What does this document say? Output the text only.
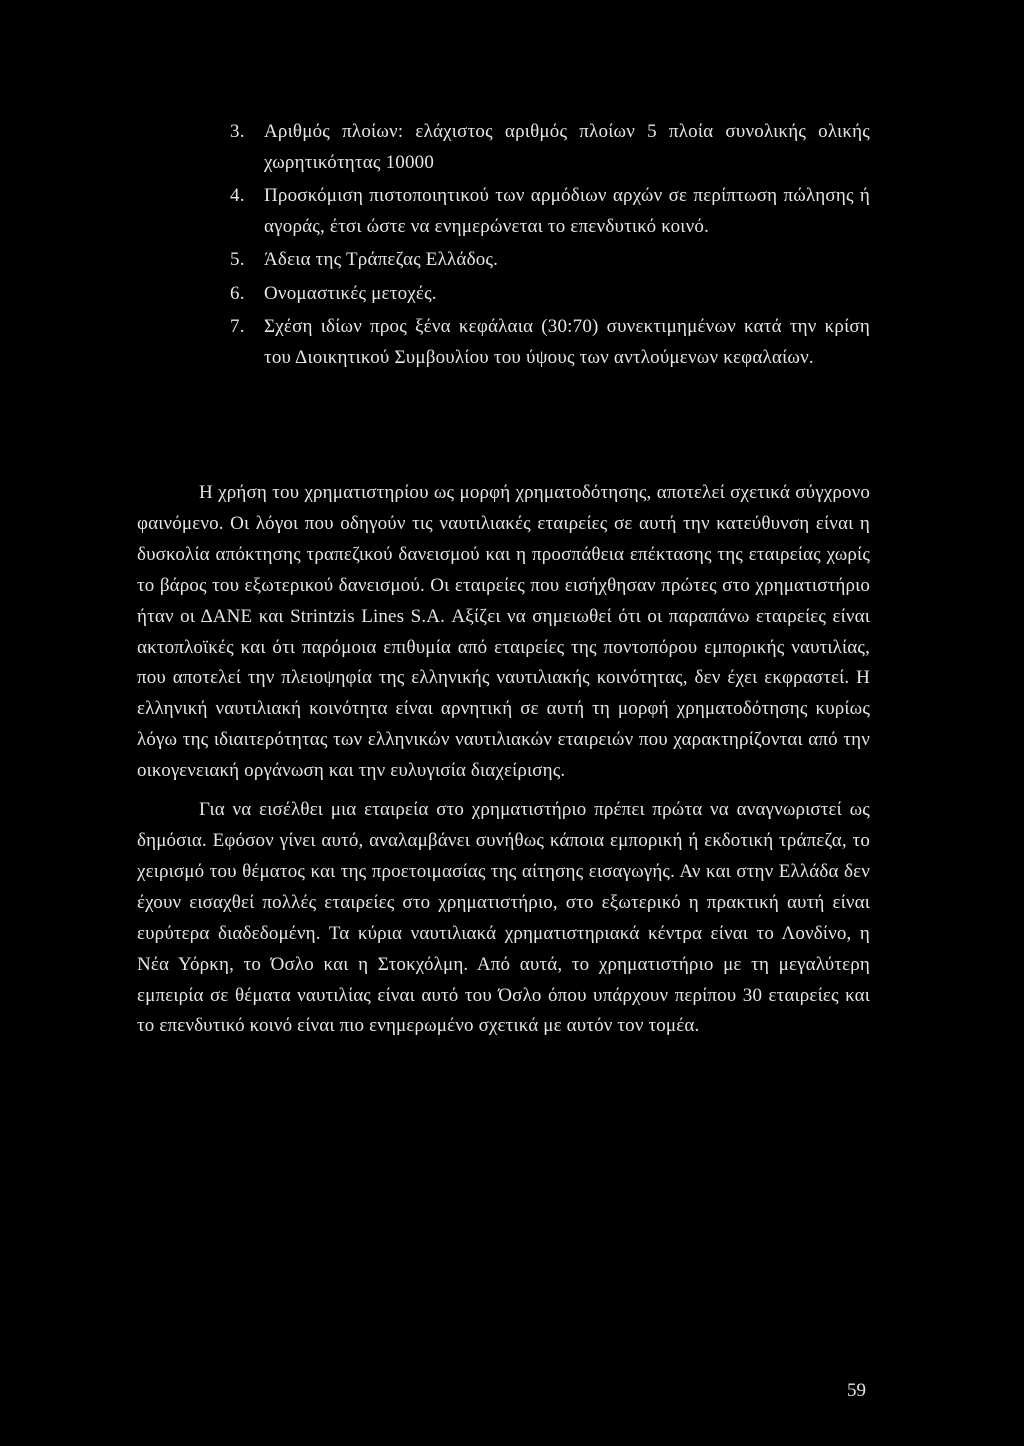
3. Αριθμός πλοίων: ελάχιστος αριθμός πλοίων 5 πλοία συνολικής ολικής χωρητικότητας 10000
4. Προσκόμιση πιστοποιητικού των αρμόδιων αρχών σε περίπτωση πώλησης ή αγοράς, έτσι ώστε να ενημερώνεται το επενδυτικό κοινό.
5. Άδεια της Τράπεζας Ελλάδος.
6. Ονομαστικές μετοχές.
7. Σχέση ιδίων προς ξένα κεφάλαια (30:70) συνεκτιμημένων κατά την κρίση του Διοικητικού Συμβουλίου του ύψους των αντλούμενων κεφαλαίων.

Η χρήση του χρηματιστηρίου ως μορφή χρηματοδότησης, αποτελεί σχετικά σύγχρονο φαινόμενο. Οι λόγοι που οδηγούν τις ναυτιλιακές εταιρείες σε αυτή την κατεύθυνση είναι η δυσκολία απόκτησης τραπεζικού δανεισμού και η προσπάθεια επέκτασης της εταιρείας χωρίς το βάρος του εξωτερικού δανεισμού. Οι εταιρείες που εισήχθησαν πρώτες στο χρηματιστήριο ήταν οι ΔΑΝΕ και Strintzis Lines S.A. Αξίζει να σημειωθεί ότι οι παραπάνω εταιρείες είναι ακτοπλοϊκές και ότι παρόμοια επιθυμία από εταιρείες της ποντοπόρου εμπορικής ναυτιλίας, που αποτελεί την πλειοψηφία της ελληνικής ναυτιλιακής κοινότητας, δεν έχει εκφραστεί. Η ελληνική ναυτιλιακή κοινότητα είναι αρνητική σε αυτή τη μορφή χρηματοδότησης κυρίως λόγω της ιδιαιτερότητας των ελληνικών ναυτιλιακών εταιρειών που χαρακτηρίζονται από την οικογενειακή οργάνωση και την ευλυγισία διαχείρισης.

Για να εισέλθει μια εταιρεία στο χρηματιστήριο πρέπει πρώτα να αναγνωριστεί ως δημόσια. Εφόσον γίνει αυτό, αναλαμβάνει συνήθως κάποια εμπορική ή εκδοτική τράπεζα, το χειρισμό του θέματος και της προετοιμασίας της αίτησης εισαγωγής. Αν και στην Ελλάδα δεν έχουν εισαχθεί πολλές εταιρείες στο χρηματιστήριο, στο εξωτερικό η πρακτική αυτή είναι ευρύτερα διαδεδομένη. Τα κύρια ναυτιλιακά χρηματιστηριακά κέντρα είναι το Λονδίνο, η Νέα Υόρκη, το Όσλο και η Στοκχόλμη. Από αυτά, το χρηματιστήριο με τη μεγαλύτερη εμπειρία σε θέματα ναυτιλίας είναι αυτό του Όσλο όπου υπάρχουν περίπου 30 εταιρείες και το επενδυτικό κοινό είναι πιο ενημερωμένο σχετικά με αυτόν τον τομέα.

59
